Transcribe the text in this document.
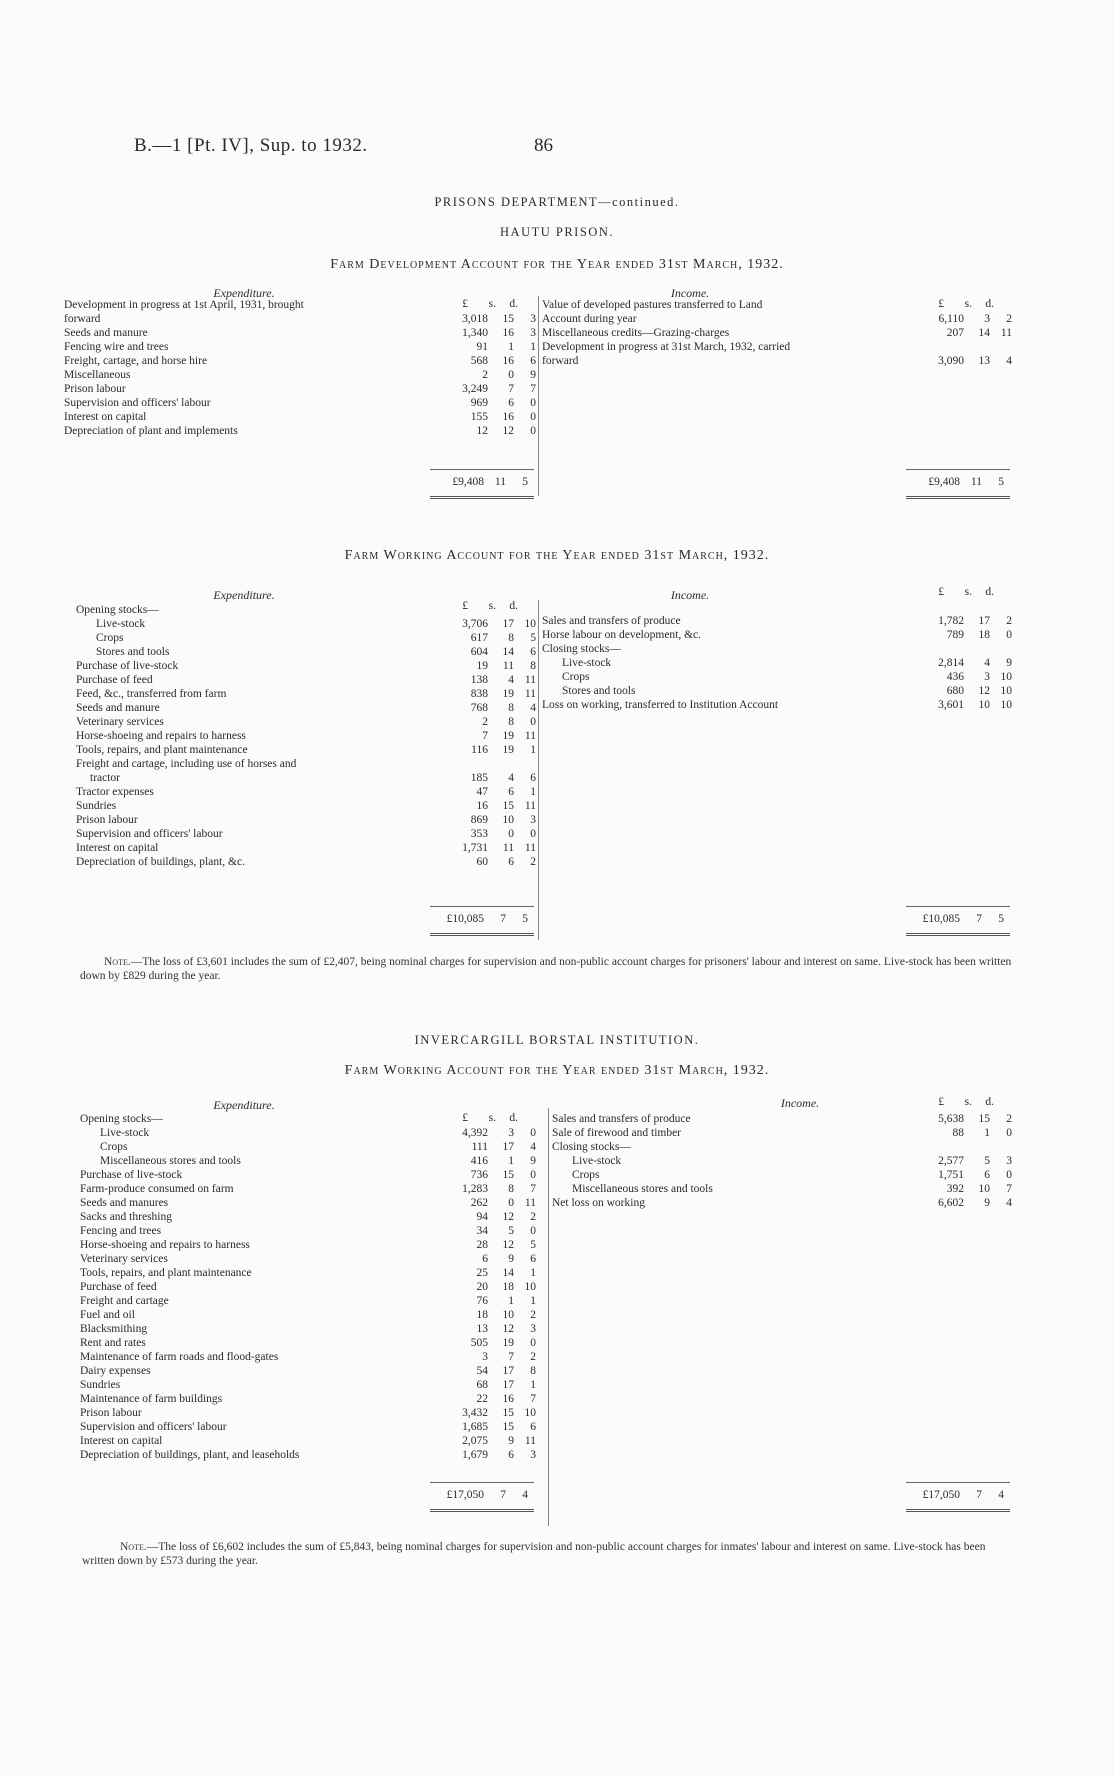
B.—1 [Pt. IV], Sup. to 1932.	86
PRISONS DEPARTMENT—continued.
HAUTU PRISON.
Farm Development Account for the Year ended 31st March, 1932.
Expenditure.	Income.
£	s.	d.	£	s.	d.
Development in progress at 1st April, 1931, brought
forward	3,018	15	3
Seeds and manure	1,340	16	3
Fencing wire and trees	91	1	1
Freight, cartage, and horse hire	568	16	6
Miscellaneous	2	0	9
Prison labour	3,249	7	7
Supervision and officers' labour	969	6	0
Interest on capital	155	16	0
Depreciation of plant and implements	12	12	0
Value of developed pastures transferred to Land
Account during year	6,110	3	2
Miscellaneous credits—Grazing-charges	207	14 11
Development in progress at 31st March, 1932, carried
forward	3,090	13	4
£9,408 11	5	£9,408 11	5
Farm Working Account for the Year ended 31st March, 1932.
Expenditure.	Income.
£	s.	d.
£	s.	d.
Opening stocks—
Live-stock	3,706	17 10
Crops	617	8	5
Stores and tools	604	14	6
Purchase of live-stock	19	11	8
Purchase of feed	138	4 11
Feed, &c., transferred from farm	838	19 11
Seeds and manure	768	8	4
Veterinary services	2	8	0
Horse-shoeing and repairs to harness	7	19 11
Tools, repairs, and plant maintenance	116	19	1
Freight and cartage, including use of horses and
tractor	185	4	6
Tractor expenses	47	6	1
Sundries	16	15 11
Prison labour	869	10	3
Supervision and officers' labour	353	0	0
Interest on capital	1,731	11 11
Depreciation of buildings, plant, &c.	60	6	2
Sales and transfers of produce	1,782	17	2
Horse labour on development, &c.	789	18	0
Closing stocks—
Live-stock	2,814	4	9
Crops	436	3 10
Stores and tools	680	12 10
Loss on working, transferred to Institution Account	3,601	10 10
£10,085	7	5	£10,085	7	5
Note.—The loss of £3,601 includes the sum of £2,407, being nominal charges for supervision and non-public account charges for prisoners' labour and interest on same. Live-stock has been written down by £829 during the year.
INVERCARGILL BORSTAL INSTITUTION.
Farm Working Account for the Year ended 31st March, 1932.
Expenditure.	Income.
£	s.	d.
£	s.	d.
Opening stocks—
Live-stock	4,392	3	0
Crops	111	17	4
Miscellaneous stores and tools	416	1	9
Purchase of live-stock	736	15	0
Farm-produce consumed on farm	1,283	8	7
Seeds and manures	262	0 11
Sacks and threshing	94	12	2
Fencing and trees	34	5	0
Horse-shoeing and repairs to harness	28	12	5
Veterinary services	6	9	6
Tools, repairs, and plant maintenance	25	14	1
Purchase of feed	20	18 10
Freight and cartage	76	1	1
Fuel and oil	18	10	2
Blacksmithing	13	12	3
Rent and rates	505	19	0
Maintenance of farm roads and flood-gates	3	7	2
Dairy expenses	54	17	8
Sundries	68	17	1
Maintenance of farm buildings	22	16	7
Prison labour	3,432	15 10
Supervision and officers' labour	1,685	15	6
Interest on capital	2,075	9 11
Depreciation of buildings, plant, and leaseholds	1,679	6	3
Sales and transfers of produce	5,638	15	2
Sale of firewood and timber	88	1	0
Closing stocks—
Live-stock	2,577	5	3
Crops	1,751	6	0
Miscellaneous stores and tools	392	10	7
Net loss on working	6,602	9	4
£17,050	7	4	£17,050	7	4
Note.—The loss of £6,602 includes the sum of £5,843, being nominal charges for supervision and non-public account charges for inmates' labour and interest on same. Live-stock has been written down by £573 during the year.
